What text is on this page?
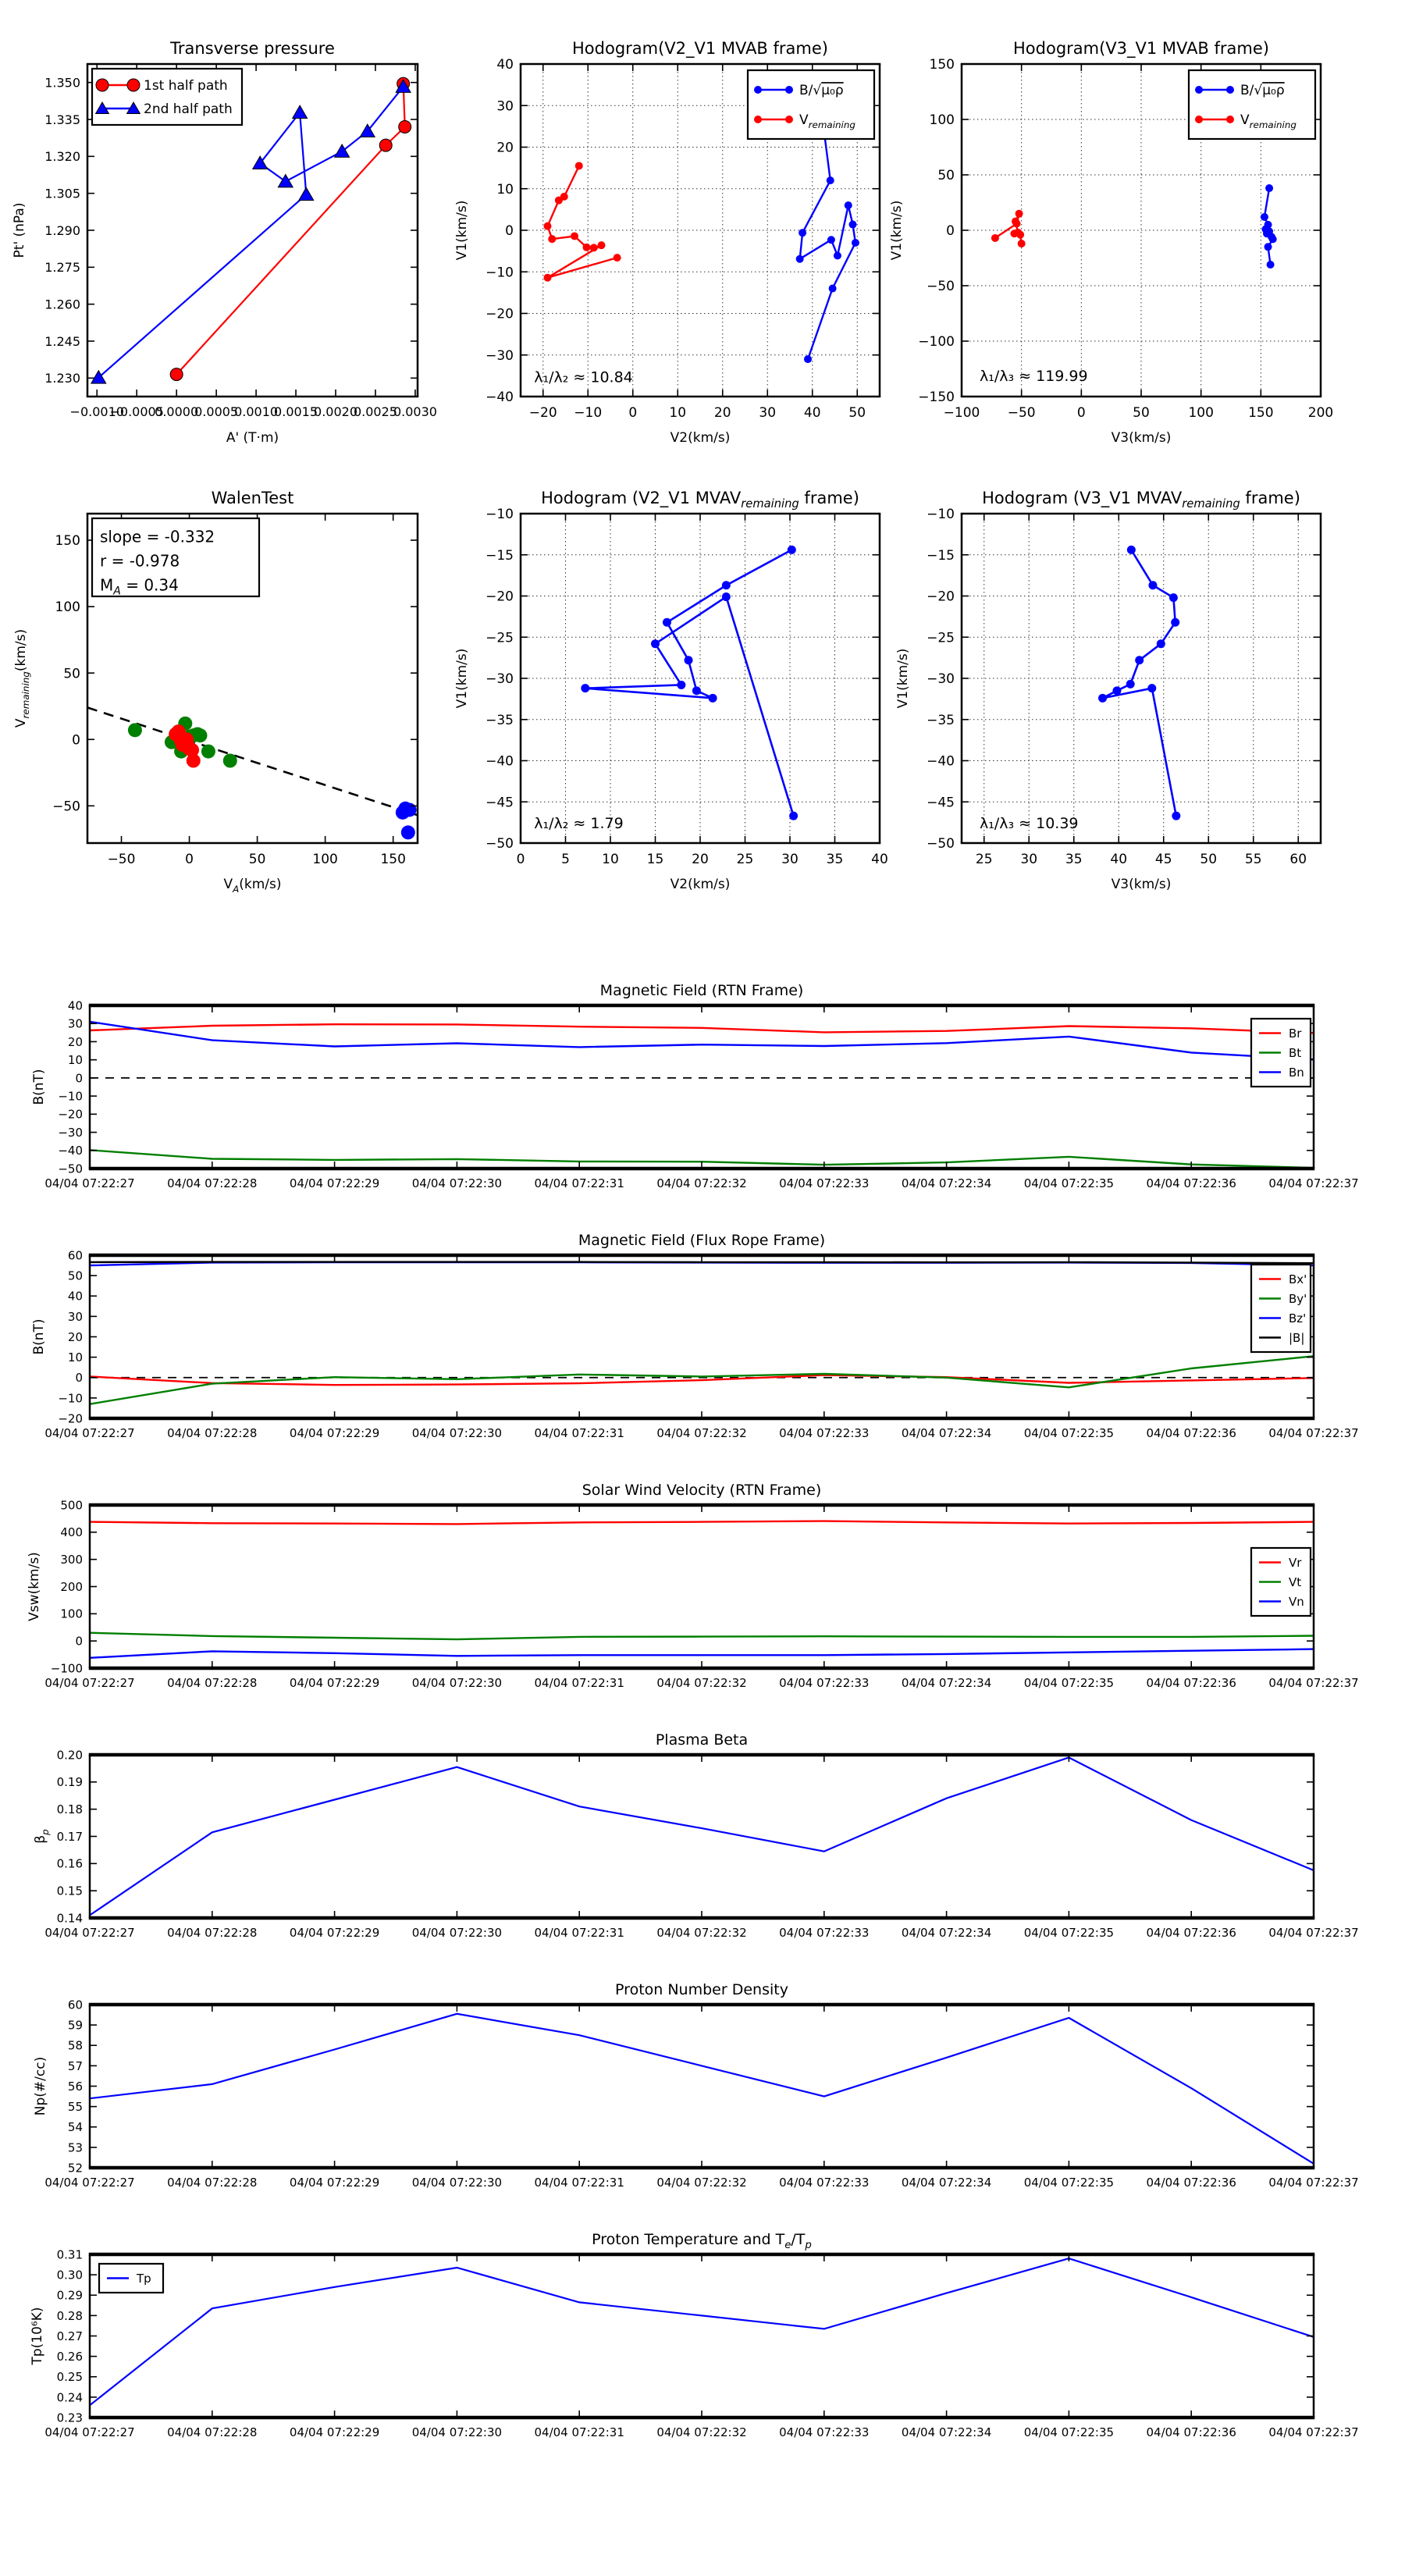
−0.0010
−0.0005
0.0000
0.0005
0.0010
0.0015
0.0020
0.0025
0.0030
1.230
1.245
1.260
1.275
1.290
1.305
1.320
1.335
1.350
Transverse pressure
A' (T·m)
Pt' (nPa)
1st half path
2nd half path
−20 −10 0 10 20 30 40 50
−40
−30
−20
−10
0
10
20
30
40
Hodogram(V2_V1 MVAB frame)
V2(km/s)
V1(km/s)
λ₁/λ₂ ≈ 10.84
B/√μ₀ρ
$V_{remaining}$
−100 −50	0	50	100	150	200
−150
−100
−50
0
50
100
150
Hodogram(V3_V1 MVAB frame)
V3(km/s)
V1(km/s)
λ₁/λ₃ ≈ 119.99
B/√μ₀ρ
$V_{remaining}$
−50	0	50	100	150
−50
0
50
100
150
WalenTest
$V_A(km/s)$
$V_{remaining}(km/s)$
slope = -0.332
r = -0.978
$M_A = 0.34$
0	5 10 15 20 25 30 35 40
−50
−45
−40
−35
−30
−25
−20
−15
−10
Hodogram (V2_V1 $MVAV_{remaining}$ frame)
V2(km/s)
V1(km/s)
λ₁/λ₂ ≈ 1.79
25 30 35 40 45 50 55 60
−50
−45
−40
−35
−30
−25
−20
−15
−10
Hodogram (V3_V1 $MVAV_{remaining}$ frame)
V3(km/s)
V1(km/s)
λ₁/λ₃ ≈ 10.39
04/04 07:22:27	04/04 07:22:28	04/04 07:22:29	04/04 07:22:30	04/04 07:22:31	04/04 07:22:32	04/04 07:22:33	04/04 07:22:34	04/04 07:22:35	04/04 07:22:36	04/04 07:22:37
−50
−40
−30
−20
−10
0
10
20
30
40
Magnetic Field (RTN Frame)
B(nT)
Br
Bt
Bn
04/04 07:22:27	04/04 07:22:28	04/04 07:22:29	04/04 07:22:30	04/04 07:22:31	04/04 07:22:32	04/04 07:22:33	04/04 07:22:34	04/04 07:22:35	04/04 07:22:36	04/04 07:22:37
−20
−10
0
10
20
30
40
50
60
Magnetic Field (Flux Rope Frame)
B(nT)
Bx'
By'
Bz'
|B|
04/04 07:22:27	04/04 07:22:28	04/04 07:22:29	04/04 07:22:30	04/04 07:22:31	04/04 07:22:32	04/04 07:22:33	04/04 07:22:34	04/04 07:22:35	04/04 07:22:36	04/04 07:22:37
−100
0
100
200
300
400
500
Solar Wind Velocity (RTN Frame)
Vsw(km/s)	Vr
Vt
Vn
04/04 07:22:27	04/04 07:22:28	04/04 07:22:29	04/04 07:22:30	04/04 07:22:31	04/04 07:22:32	04/04 07:22:33	04/04 07:22:34	04/04 07:22:35	04/04 07:22:36	04/04 07:22:37
0.14
0.15
0.16
0.17
0.18
0.19
0.20
Plasma Beta
$\beta_p$
04/04 07:22:27	04/04 07:22:28	04/04 07:22:29	04/04 07:22:30	04/04 07:22:31	04/04 07:22:32	04/04 07:22:33	04/04 07:22:34	04/04 07:22:35	04/04 07:22:36	04/04 07:22:37
52
53
54
55
56
57
58
59
60
Proton Number Density
Np(#/cc)
04/04 07:22:27	04/04 07:22:28	04/04 07:22:29	04/04 07:22:30	04/04 07:22:31	04/04 07:22:32	04/04 07:22:33	04/04 07:22:34	04/04 07:22:35	04/04 07:22:36	04/04 07:22:37
0.23
0.24
0.25
0.26
0.27
0.28
0.29
0.30
0.31
Proton Temperature and $T_e/T_p$
Tp(10⁶K)
Tp
